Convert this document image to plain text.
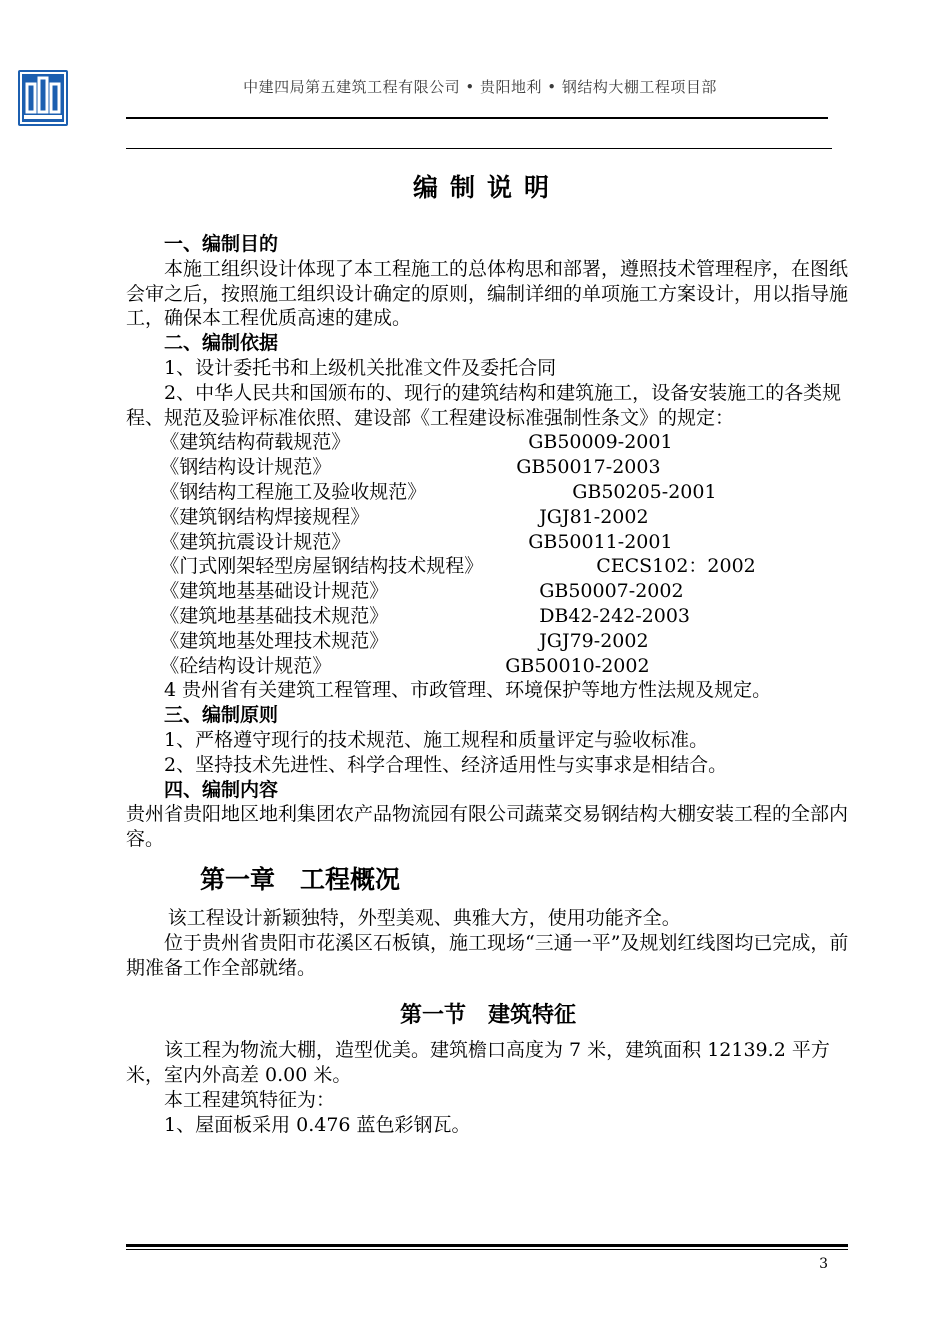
中建四局第五建筑工程有限公司 • 贵阳地利 • 钢结构大棚工程项目部
编制说明

一、编制目的

本施工组织设计体现了本工程施工的总体构思和部署，遵照技术管理程序，在图纸会审之后，按照施工组织设计确定的原则，编制详细的单项施工方案设计，用以指导施工，确保本工程优质高速的建成。

二、编制依据

1、设计委托书和上级机关批准文件及委托合同

2、中华人民共和国颁布的、现行的建筑结构和建筑施工，设备安装施工的各类规程、规范及验评标准依照、建设部《工程建设标准强制性条文》的规定：

《建筑结构荷载规范》	GB50009-2001
《钢结构设计规范》	GB50017-2003
《钢结构工程施工及验收规范》	GB50205-2001
《建筑钢结构焊接规程》	JGJ81-2002
《建筑抗震设计规范》	GB50011-2001
《门式刚架轻型房屋钢结构技术规程》	CECS102：2002
《建筑地基基础设计规范》	GB50007-2002
《建筑地基基础技术规范》	DB42-242-2003
《建筑地基处理技术规范》	JGJ79-2002
《砼结构设计规范》	GB50010-2002

4 贵州省有关建筑工程管理、市政管理、环境保护等地方性法规及规定。

三、编制原则

1、严格遵守现行的技术规范、施工规程和质量评定与验收标准。

2、坚持技术先进性、科学合理性、经济适用性与实事求是相结合。

四、编制内容

贵州省贵阳地区地利集团农产品物流园有限公司蔬菜交易钢结构大棚安装工程的全部内容。

第一章　工程概况

该工程设计新颖独特，外型美观、典雅大方，使用功能齐全。

位于贵州省贵阳市花溪区石板镇，施工现场“三通一平”及规划红线图均已完成，前期准备工作全部就绪。

第一节　建筑特征

该工程为物流大棚，造型优美。建筑檐口高度为 7 米，建筑面积 12139.2 平方米，室内外高差 0.00 米。

本工程建筑特征为：

1、屋面板采用 0.476 蓝色彩钢瓦。

3
